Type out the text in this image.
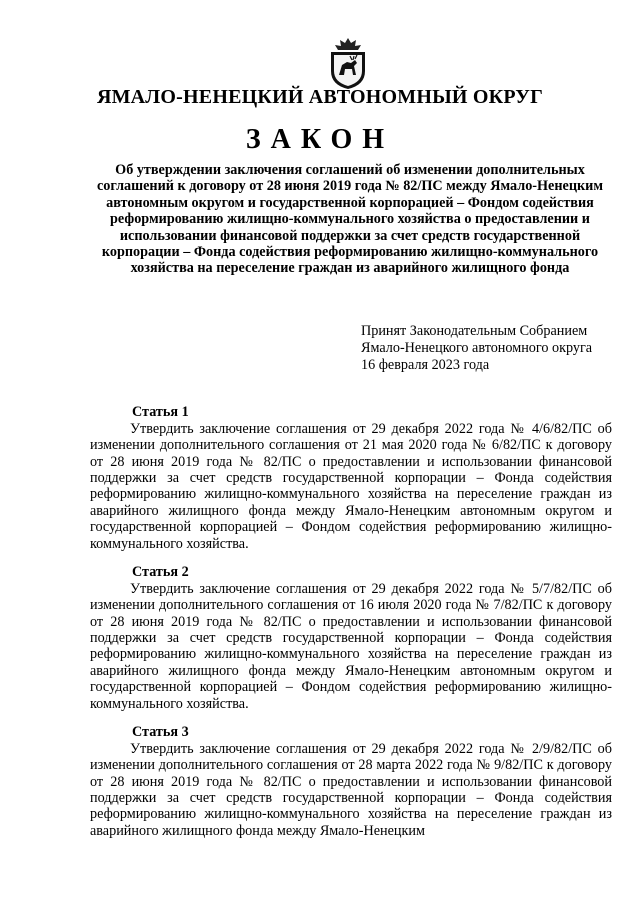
ЯМАЛО-НЕНЕЦКИЙ АВТОНОМНЫЙ ОКРУГ
ЗАКОН

Об утверждении заключения соглашений об изменении дополнительных соглашений к договору от 28 июня 2019 года № 82/ПС между Ямало-Ненецким автономным округом и государственной корпорацией – Фондом содействия реформированию жилищно-коммунального хозяйства о предоставлении и использовании финансовой поддержки за счет средств государственной корпорации – Фонда содействия реформированию жилищно-коммунального хозяйства на переселение граждан из аварийного жилищного фонда

Принят Законодательным Собранием
Ямало-Ненецкого автономного округа
16 февраля 2023 года
Статья 1

Утвердить заключение соглашения от 29 декабря 2022 года № 4/6/82/ПС об изменении дополнительного соглашения от 21 мая 2020 года № 6/82/ПС к договору от 28 июня 2019 года № 82/ПС о предоставлении и использовании финансовой поддержки за счет средств государственной корпорации – Фонда содействия реформированию жилищно-коммунального хозяйства на переселение граждан из аварийного жилищного фонда между Ямало-Ненецким автономным округом и государственной корпорацией – Фондом содействия реформированию жилищно-коммунального хозяйства.

Статья 2

Утвердить заключение соглашения от 29 декабря 2022 года № 5/7/82/ПС об изменении дополнительного соглашения от 16 июля 2020 года № 7/82/ПС к договору от 28 июня 2019 года № 82/ПС о предоставлении и использовании финансовой поддержки за счет средств государственной корпорации – Фонда содействия реформированию жилищно-коммунального хозяйства на переселение граждан из аварийного жилищного фонда между Ямало-Ненецким автономным округом и государственной корпорацией – Фондом содействия реформированию жилищно-коммунального хозяйства.

Статья 3

Утвердить заключение соглашения от 29 декабря 2022 года № 2/9/82/ПС об изменении дополнительного соглашения от 28 марта 2022 года № 9/82/ПС к договору от 28 июня 2019 года № 82/ПС о предоставлении и использовании финансовой поддержки за счет средств государственной корпорации – Фонда содействия реформированию жилищно-коммунального хозяйства на переселение граждан из аварийного жилищного фонда между Ямало-Ненецким
